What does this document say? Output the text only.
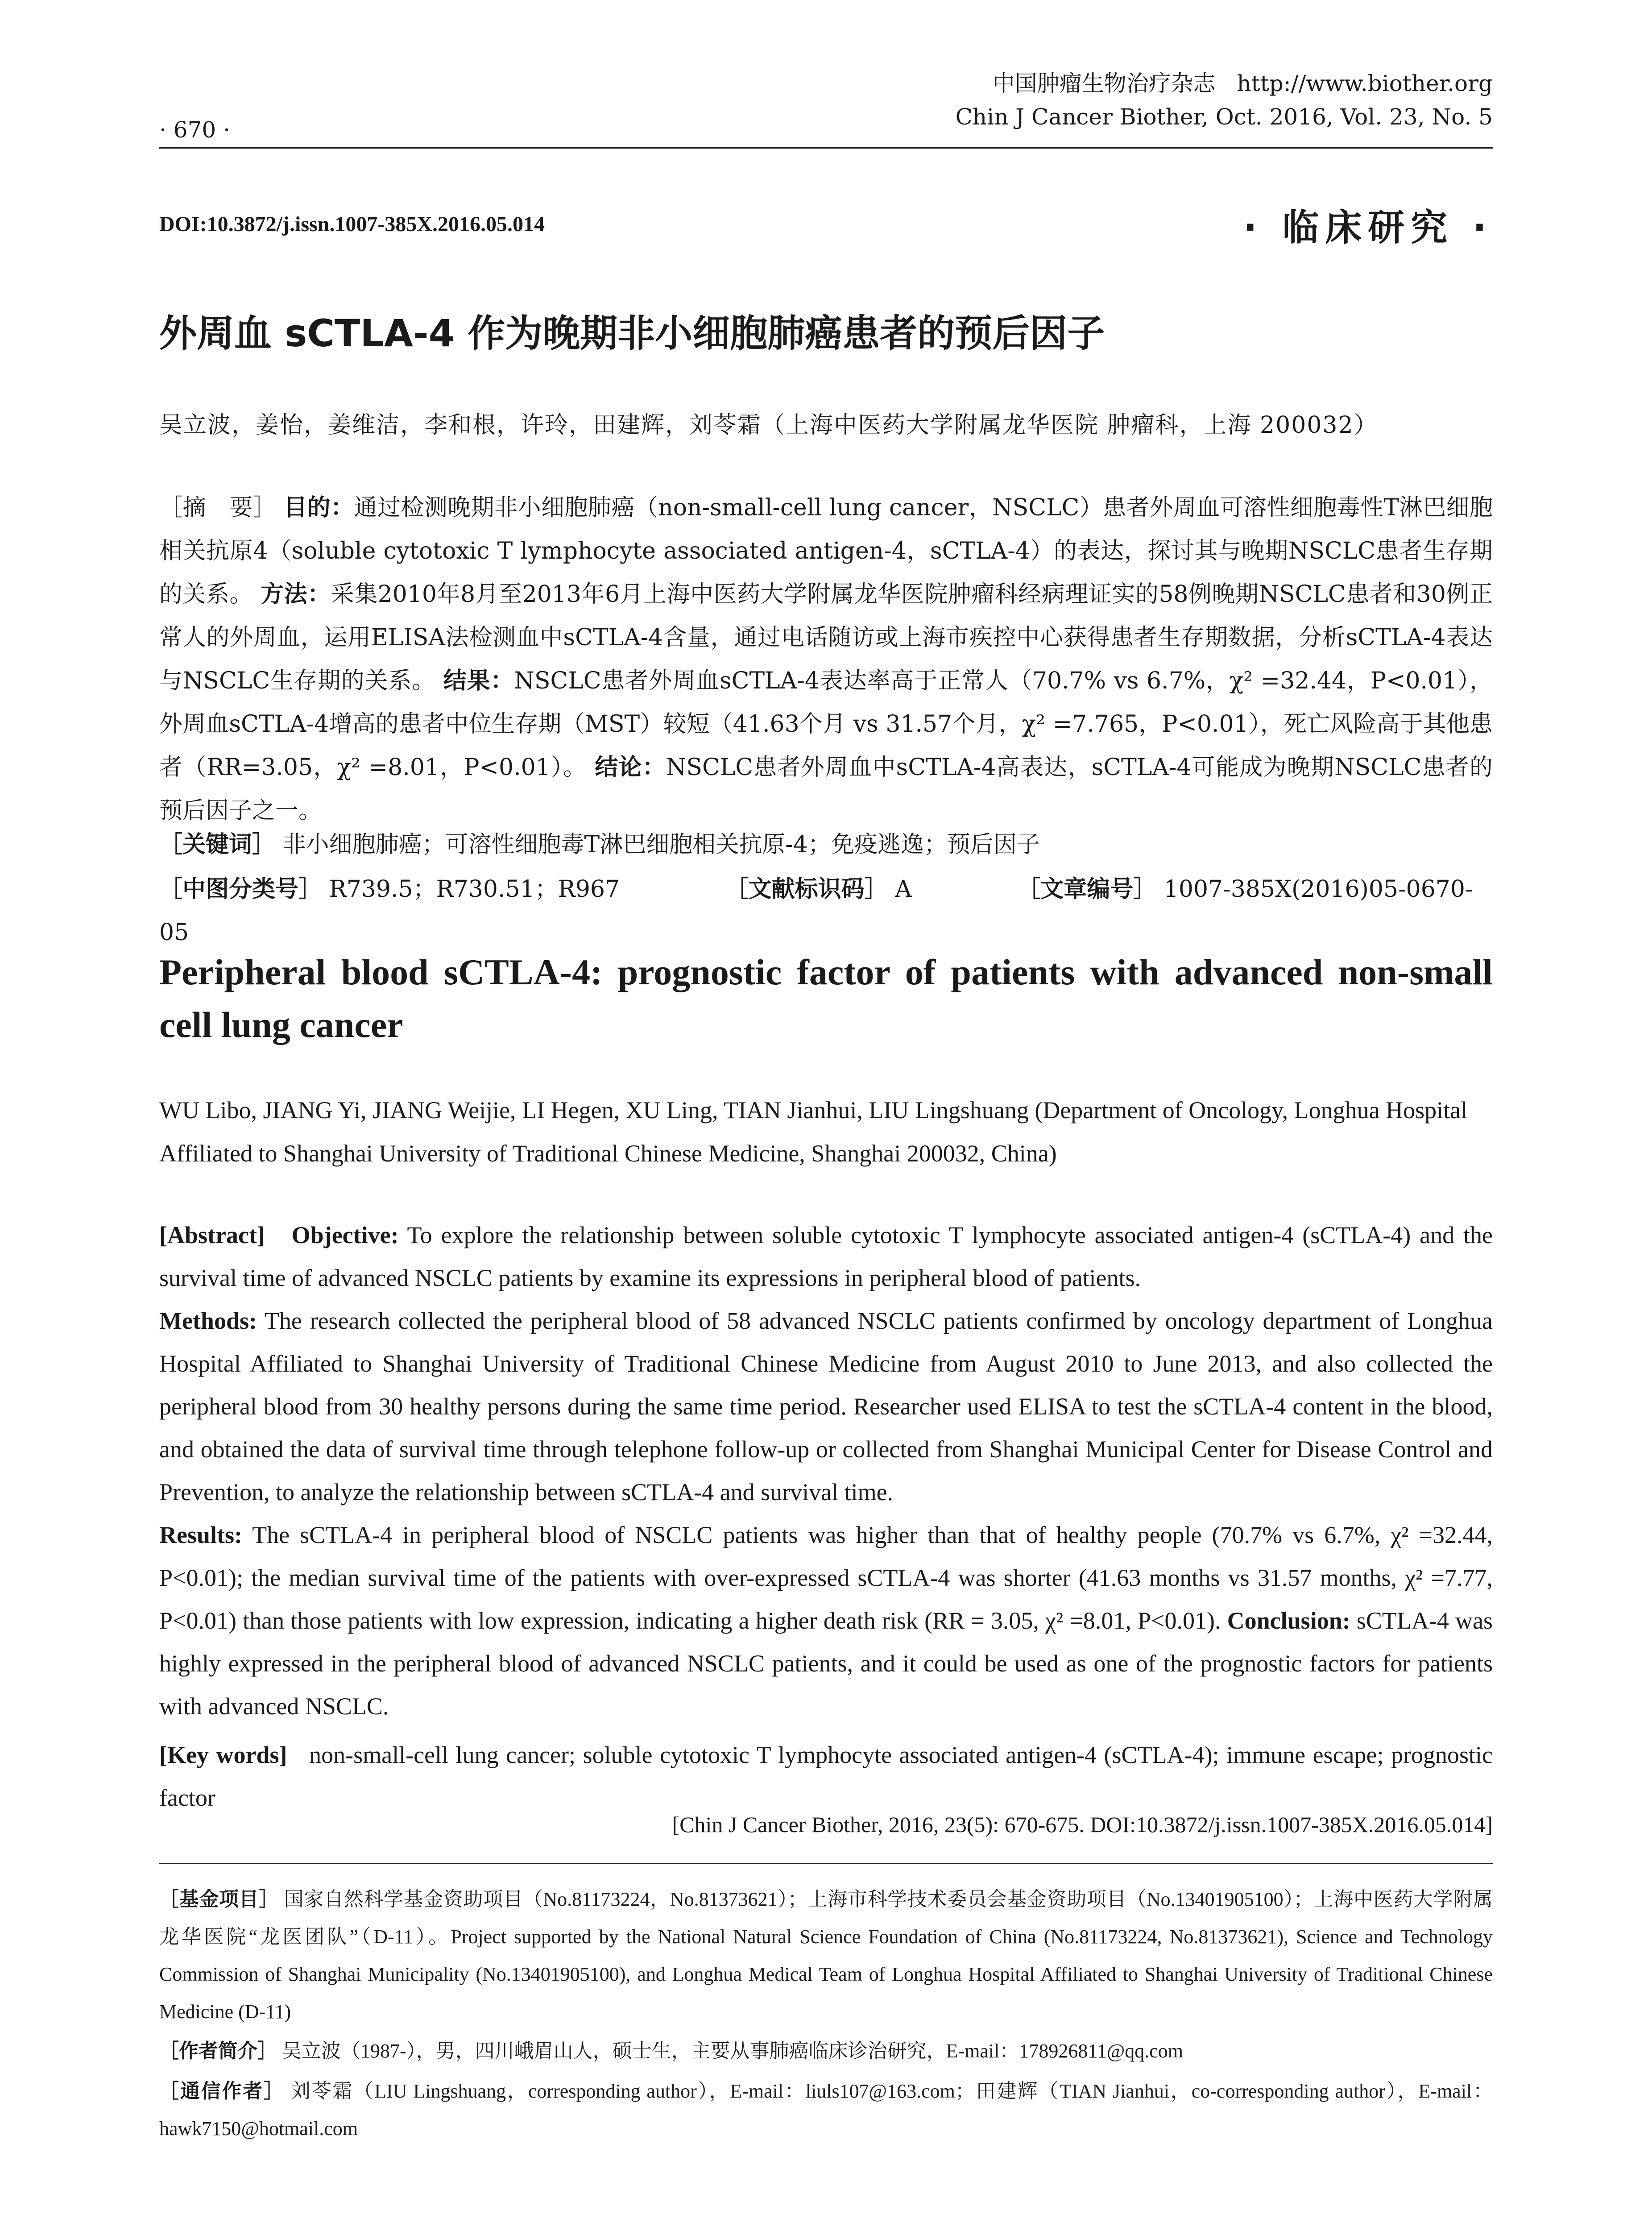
中国肿瘤生物治疗杂志 http://www.biother.org
Chin J Cancer Biother, Oct. 2016, Vol. 23, No. 5
· 670 ·
DOI:10.3872/j.issn.1007-385X.2016.05.014	· 临床研究 ·
外周血 sCTLA-4 作为晚期非小细胞肺癌患者的预后因子
吴立波，姜怡，姜维洁，李和根，许玲，田建辉，刘苓霜（上海中医药大学附属龙华医院 肿瘤科，上海 200032）
［摘　要］ 目的：通过检测晚期非小细胞肺癌（non-small-cell lung cancer，NSCLC）患者外周血可溶性细胞毒性T淋巴细胞相关抗原4（soluble cytotoxic T lymphocyte associated antigen-4，sCTLA-4）的表达，探讨其与晚期NSCLC患者生存期的关系。 方法：采集2010年8月至2013年6月上海中医药大学附属龙华医院肿瘤科经病理证实的58例晚期NSCLC患者和30例正常人的外周血，运用ELISA法检测血中sCTLA-4含量，通过电话随访或上海市疾控中心获得患者生存期数据，分析sCTLA-4表达与NSCLC生存期的关系。 结果：NSCLC患者外周血sCTLA-4表达率高于正常人（70.7% vs 6.7%，χ² =32.44，P<0.01），外周血sCTLA-4增高的患者中位生存期（MST）较短（41.63个月 vs 31.57个月，χ² =7.765，P<0.01），死亡风险高于其他患者（RR=3.05，χ² =8.01，P<0.01）。 结论：NSCLC患者外周血中sCTLA-4高表达，sCTLA-4可能成为晚期NSCLC患者的预后因子之一。
［关键词］ 非小细胞肺癌；可溶性细胞毒T淋巴细胞相关抗原-4；免疫逃逸；预后因子
［中图分类号］ R739.5；R730.51；R967	［文献标识码］ A	［文章编号］ 1007-385X(2016)05-0670-05
Peripheral blood sCTLA-4: prognostic factor of patients with advanced non-small cell lung cancer
WU Libo, JIANG Yi, JIANG Weijie, LI Hegen, XU Ling, TIAN Jianhui, LIU Lingshuang (Department of Oncology, Longhua Hospital Affiliated to Shanghai University of Traditional Chinese Medicine, Shanghai 200032, China)
[Abstract] Objective: To explore the relationship between soluble cytotoxic T lymphocyte associated antigen-4 (sCTLA-4) and the survival time of advanced NSCLC patients by examine its expressions in peripheral blood of patients.
Methods: The research collected the peripheral blood of 58 advanced NSCLC patients confirmed by oncology department of Longhua Hospital Affiliated to Shanghai University of Traditional Chinese Medicine from August 2010 to June 2013, and also collected the peripheral blood from 30 healthy persons during the same time period. Researcher used ELISA to test the sCTLA-4 content in the blood, and obtained the data of survival time through telephone follow-up or collected from Shanghai Municipal Center for Disease Control and Prevention, to analyze the relationship between sCTLA-4 and survival time.
Results: The sCTLA-4 in peripheral blood of NSCLC patients was higher than that of healthy people (70.7% vs 6.7%, χ² =32.44, P<0.01); the median survival time of the patients with over-expressed sCTLA-4 was shorter (41.63 months vs 31.57 months, χ² =7.77, P<0.01) than those patients with low expression, indicating a higher death risk (RR = 3.05, χ² =8.01, P<0.01). Conclusion: sCTLA-4 was highly expressed in the peripheral blood of advanced NSCLC patients, and it could be used as one of the prognostic factors for patients with advanced NSCLC.
[Key words] non-small-cell lung cancer; soluble cytotoxic T lymphocyte associated antigen-4 (sCTLA-4); immune escape; prognostic factor
[Chin J Cancer Biother, 2016, 23(5): 670-675. DOI:10.3872/j.issn.1007-385X.2016.05.014]
［基金项目］ 国家自然科学基金资助项目（No.81173224，No.81373621）；上海市科学技术委员会基金资助项目（No.13401905100）；上海中医药大学附属龙华医院“龙医团队”（D-11）。Project supported by the National Natural Science Foundation of China (No.81173224, No.81373621), Science and Technology Commission of Shanghai Municipality (No.13401905100), and Longhua Medical Team of Longhua Hospital Affiliated to Shanghai University of Traditional Chinese Medicine (D-11)
［作者简介］ 吴立波（1987-），男，四川峨眉山人，硕士生，主要从事肺癌临床诊治研究，E-mail：178926811@qq.com
［通信作者］ 刘苓霜（LIU Lingshuang，corresponding author），E-mail：liuls107@163.com；田建辉（TIAN Jianhui，co-corresponding author），E-mail：hawk7150@hotmail.com
